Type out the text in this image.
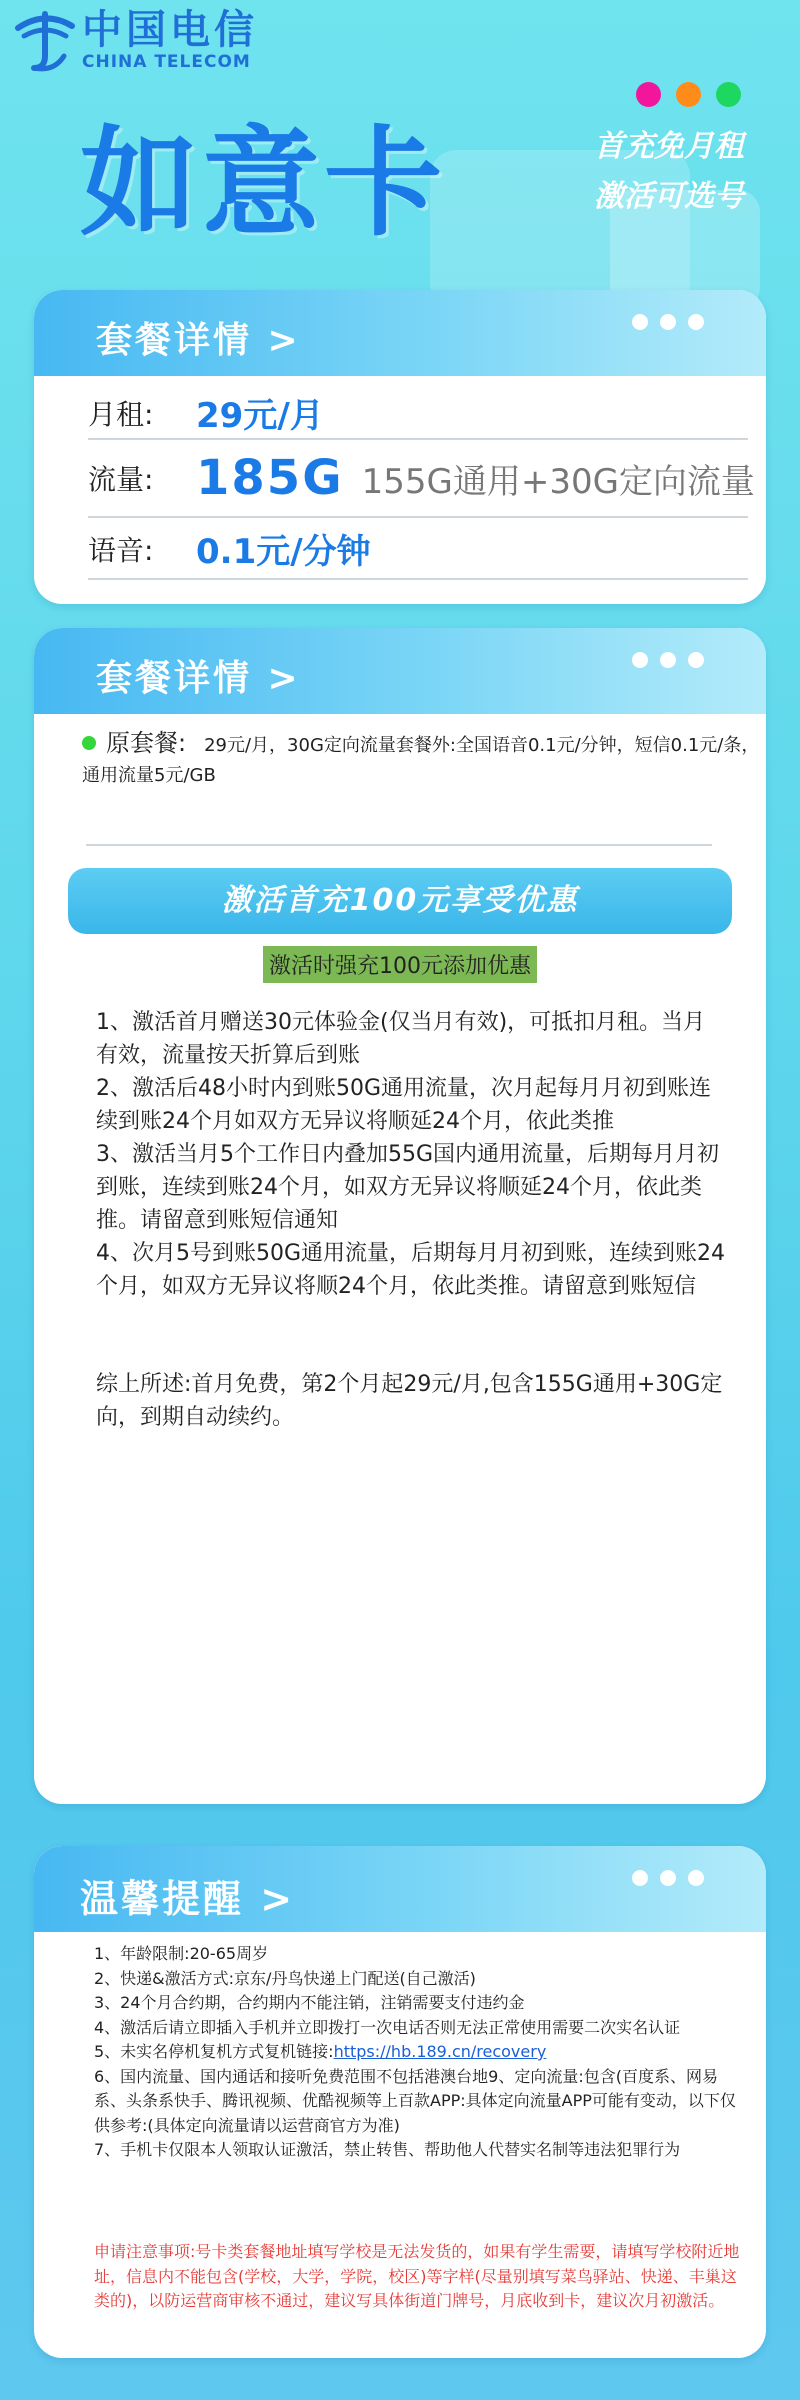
中国电信
CHINA TELECOM
如意卡	首充免月租
激活可选号
套餐详情 >
月租:	29元/月
流量: 185G 155G通用+30G定向流量
语音:	0.1元/分钟
套餐详情 >
原套餐: 29元/月，30G定向流量套餐外:全国语音0.1元/分钟，短信0.1元/条，通用流量5元/GB
激活首充100元享受优惠
激活时强充100元添加优惠
1、激活首月赠送30元体验金(仅当月有效)，可抵扣月租。当月有效，流量按天折算后到账
2、激活后48小时内到账50G通用流量，次月起每月月初到账连续到账24个月如双方无异议将顺延24个月，依此类推
3、激活当月5个工作日内叠加55G国内通用流量，后期每月月初到账，连续到账24个月，如双方无异议将顺延24个月，依此类推。请留意到账短信通知
4、次月5号到账50G通用流量，后期每月月初到账，连续到账24个月，如双方无异议将顺24个月，依此类推。请留意到账短信
综上所述:首月免费，第2个月起29元/月,包含155G通用+30G定向，到期自动续约。
温馨提醒 >
1、年龄限制:20-65周岁
2、快递&激活方式:京东/丹鸟快递上门配送(自己激活)
3、24个月合约期，合约期内不能注销，注销需要支付违约金
4、激活后请立即插入手机并立即拨打一次电话否则无法正常使用需要二次实名认证
5、未实名停机复机方式复机链接:https://hb.189.cn/recovery
6、国内流量、国内通话和接听免费范围不包括港澳台地9、定向流量:包含(百度系、网易系、头条系快手、腾讯视频、优酷视频等上百款APP:具体定向流量APP可能有变动，以下仅供参考:(具体定向流量请以运营商官方为准)
7、手机卡仅限本人领取认证激活，禁止转售、帮助他人代替实名制等违法犯罪行为
申请注意事项:号卡类套餐地址填写学校是无法发货的，如果有学生需要，请填写学校附近地址，信息内不能包含(学校，大学，学院，校区)等字样(尽量别填写菜鸟驿站、快递、丰巢这类的)，以防运营商审核不通过，建议写具体街道门牌号，月底收到卡，建议次月初激活。
